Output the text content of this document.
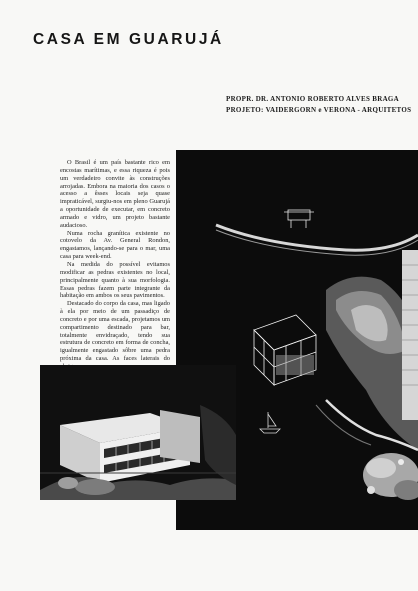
CASA EM GUARUJÁ
PROPR. DR. ANTONIO ROBERTO ALVES BRAGA
PROJETO: VAIDERGORN e VERONA - ARQUITETOS

O Brasil é um país bastante rico em encostas marítimas, e essa riqueza é pois um verdadeiro convite às construções arrojadas. Embora na maioria dos casos o acesso a êsses locais seja quase impraticável, surgiu-nos em pleno Guarujá a oportunidade de executar, em concreto armado e vidro, um projeto bastante audacioso.

Numa rocha granítica existente no cotovelo da Av. General Rondon, engastamos, lançando-se para o mar, uma casa para week-end.

Na medida do possível evitamos modificar as pedras existentes no local, principalmente quanto à sua morfologia. Essas pedras fazem parte integrante da habitação em ambos os seus pavimentos.

Destacado do corpo da casa, mas ligado à ela por meio de um passadiço de concreto e por uma escada, projetamos um compartimento destinado para bar, totalmente envidraçado, tendo sua estrutura de concreto em forma de concha, igualmente engastado sôbre uma pedra próxima da casa. As faces laterais do
